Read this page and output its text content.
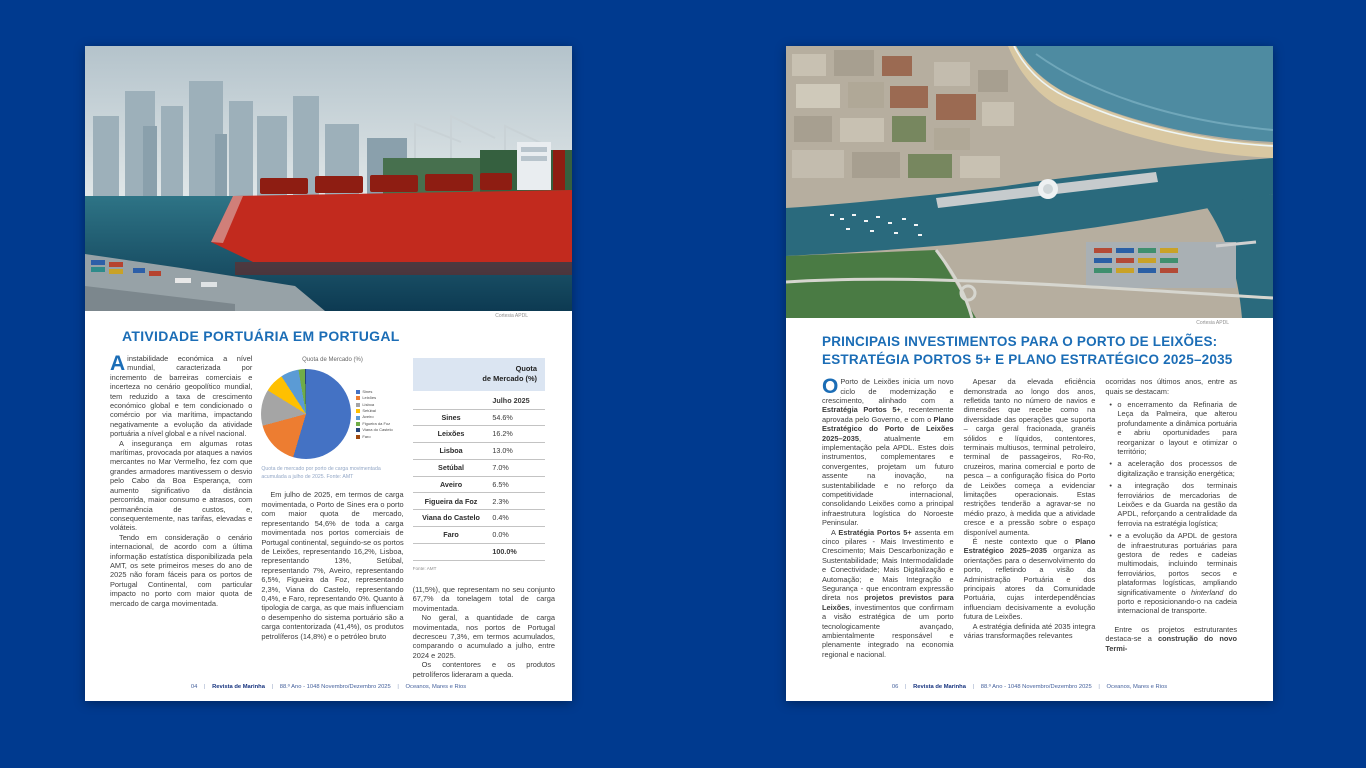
Cortesia APDL
ATIVIDADE PORTUÁRIA EM PORTUGAL

Ainstabilidade económica a nível mundial, caracterizada por incremento de barreiras comerciais e incerteza no cenário geopolítico mundial, tem reduzido a taxa de crescimento económico global e tem condicionado o comércio por via marítima, impactando negativamente a evolução da atividade portuária a nível global e a nível nacional.

A insegurança em algumas rotas marítimas, provocada por ataques a navios mercantes no Mar Vermelho, fez com que grandes armadores mantivessem o desvio pelo Cabo da Boa Esperança, com aumento significativo da distância percorrida, maior consumo e atrasos, com permanência de custos, e, consequentemente, nas tarifas, elevadas e voláteis.

Tendo em consideração o cenário internacional, de acordo com a última informação estatística disponibilizada pela AMT, os sete primeiros meses do ano de 2025 não foram fáceis para os portos de Portugal Continental, com particular impacto no porto com maior quota de mercado de carga movimentada.

Quota de Mercado (%)
Sines
Leixões
Lisboa
Setúbal
Aveiro
Figueira da Foz
Viana do Castelo
Faro
Quota de mercado por porto de carga movimentada acumulada a julho de 2025. Fonte: AMT

Em julho de 2025, em termos de carga movimentada, o Porto de Sines era o porto com maior quota de mercado, representando 54,6% de toda a carga movimentada nos portos comerciais de Portugal continental, seguindo-se os portos de Leixões, representando 16,2%, Lisboa, representando 13%, Setúbal, representando 7%, Aveiro, representando 6,5%, Figueira da Foz, representando 2,3%, Viana do Castelo, representando 0,4%, e Faro, representando 0%. Quanto à tipologia de carga, as que mais influenciam o desempenho do sistema portuário são a carga contentorizada (41,4%), os produtos petrolíferos (14,8%) e o petróleo bruto

Quota
de Mercado (%)
Julho 2025
Sines	54.6%
Leixões	16.2%
Lisboa	13.0%
Setúbal	7.0%
Aveiro	6.5%
Figueira da Foz	2.3%
Viana do Castelo	0.4%
Faro	0.0%
100.0%
Fonte: AMT

(11,5%), que representam no seu conjunto 67,7% da tonelagem total de carga movimentada.

No geral, a quantidade de carga movimentada, nos portos de Portugal decresceu 7,3%, em termos acumulados, comparando o acumulado a julho, entre 2024 e 2025.

Os contentores e os produtos petrolíferos lideraram a queda.

04 | Revista de Marinha | 88.º Ano - 1048 Novembro/Dezembro 2025 | Oceanos, Mares e Rios
Cortesia APDL
PRINCIPAIS INVESTIMENTOS PARA O PORTO DE LEIXÕES:
ESTRATÉGIA PORTOS 5+ E PLANO ESTRATÉGICO 2025–2035

O Porto de Leixões inicia um novo ciclo de modernização e crescimento, alinhado com a Estratégia Portos 5+, recentemente aprovada pelo Governo, e com o Plano Estratégico do Porto de Leixões 2025–2035, atualmente em implementação pela APDL. Estes dois instrumentos, complementares e convergentes, projetam um futuro assente na inovação, na sustentabilidade e no reforço da competitividade internacional, consolidando Leixões como a principal infraestrutura logística do Noroeste Peninsular.

A Estratégia Portos 5+ assenta em cinco pilares - Mais Investimento e Crescimento; Mais Descarbonização e Sustentabilidade; Mais Intermodalidade e Conectividade; Mais Digitalização e Automação; e Mais Integração e Segurança - que encontram expressão direta nos projetos previstos para Leixões, investimentos que confirmam a visão estratégica de um porto tecnologicamente avançado, ambientalmente responsável e plenamente integrado na economia regional e nacional.

Apesar da elevada eficiência demonstrada ao longo dos anos, refletida tanto no número de navios e dimensões que recebe como na diversidade das operações que suporta – carga geral fracionada, granéis sólidos e líquidos, contentores, terminais multiusos, terminal petroleiro, terminal de passageiros, Ro-Ro, cruzeiros, marina comercial e porto de pesca – a configuração física do Porto de Leixões começa a evidenciar limitações operacionais. Estas restrições tenderão a agravar-se no médio prazo, à medida que a atividade cresce e a pressão sobre o espaço disponível aumenta.

É neste contexto que o Plano Estratégico 2025–2035 organiza as orientações para o desenvolvimento do porto, refletindo a visão da Administração Portuária e dos principais atores da Comunidade Portuária, cujas interdependências influenciam decisivamente a evolução futura de Leixões.

A estratégia definida até 2035 integra várias transformações relevantes

ocorridas nos últimos anos, entre as quais se destacam:

• o encerramento da Refinaria de Leça da Palmeira, que alterou profundamente a dinâmica portuária e abriu oportunidades para reorganizar o layout e otimizar o território;
• a aceleração dos processos de digitalização e transição energética;
• a integração dos terminais ferroviários de mercadorias de Leixões e da Guarda na gestão da APDL, reforçando a centralidade da ferrovia na estratégia logística;
• e a evolução da APDL de gestora de infraestruturas portuárias para gestora de redes e cadeias multimodais, incluindo terminais ferroviários, portos secos e plataformas logísticas, ampliando significativamente o hinterland do porto e reposicionando-o na cadeia internacional de transporte.

Entre os projetos estruturantes destaca-se a construção do novo Termi-

06 | Revista de Marinha | 88.º Ano - 1048 Novembro/Dezembro 2025 | Oceanos, Mares e Rios
